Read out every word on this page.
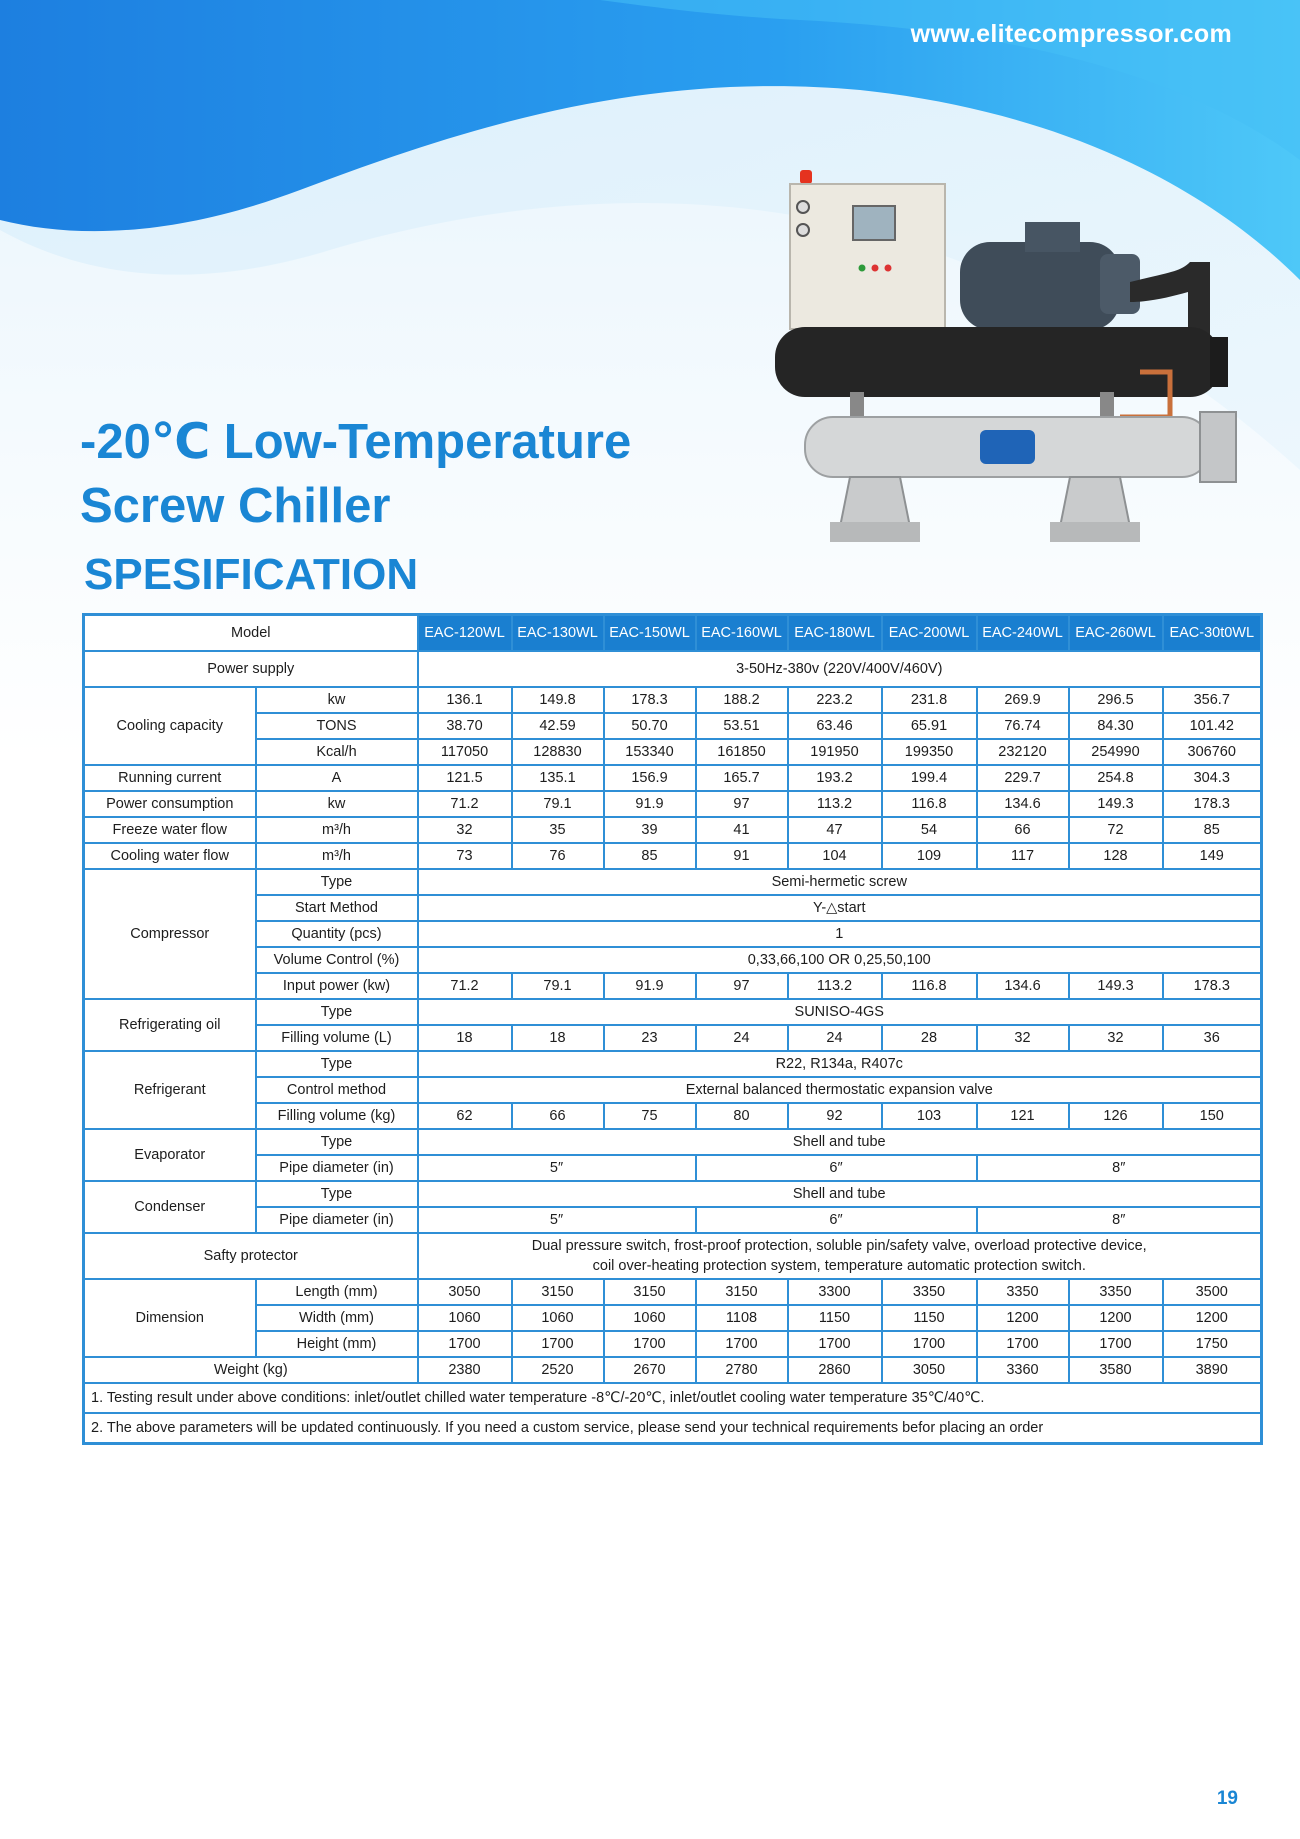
www.elitecompressor.com
-20℃ Low-Temperature
Screw Chiller
SPESIFICATION
Model		EAC-120WL	EAC-130WL	EAC-150WL	EAC-160WL	EAC-180WL	EAC-200WL	EAC-240WL	EAC-260WL	EAC-30t0WL
Power supply		3-50Hz-380v (220V/400V/460V)								
Cooling capacity	kw	136.1	149.8	178.3	188.2	223.2	231.8	269.9	296.5	356.7
	TONS	38.70	42.59	50.70	53.51	63.46	65.91	76.74	84.30	101.42
	Kcal/h	117050	128830	153340	161850	191950	199350	232120	254990	306760
Running current	A	121.5	135.1	156.9	165.7	193.2	199.4	229.7	254.8	304.3
Power consumption	kw	71.2	79.1	91.9	97	113.2	116.8	134.6	149.3	178.3
Freeze water flow	m³/h	32	35	39	41	47	54	66	72	85
Cooling water flow	m³/h	73	76	85	91	104	109	117	128	149
Compressor	Type	Semi-hermetic screw								
	Start Method	Y-△start								
	Quantity (pcs)	1								
	Volume Control (%)	0,33,66,100 OR 0,25,50,100								
	Input power (kw)	71.2	79.1	91.9	97	113.2	116.8	134.6	149.3	178.3
Refrigerating oil	Type	SUNISO-4GS								
	Filling volume (L)	18	18	23	24	24	28	32	32	36
Refrigerant	Type	R22, R134a, R407c								
	Control method	External balanced thermostatic expansion valve								
	Filling volume (kg)	62	66	75	80	92	103	121	126	150
Evaporator	Type	Shell and tube								
	Pipe diameter (in)	5″			6″			8″		
Condenser	Type	Shell and tube								
	Pipe diameter (in)	5″			6″			8″		
Safty protector		Dual pressure switch, frost-proof protection, soluble pin/safety valve, overload protective device,
coil over-heating protection system, temperature automatic protection switch.								
Dimension	Length (mm)	3050	3150	3150	3150	3300	3350	3350	3350	3500
	Width (mm)	1060	1060	1060	1108	1150	1150	1200	1200	1200
	Height (mm)	1700	1700	1700	1700	1700	1700	1700	1700	1750
Weight (kg)		2380	2520	2670	2780	2860	3050	3360	3580	3890
1. Testing result under above conditions: inlet/outlet chilled water temperature -8℃/-20℃, inlet/outlet cooling water temperature 35℃/40℃.										
2. The above parameters will be updated continuously. If you need a custom service, please send your technical requirements befor placing an order										
19
